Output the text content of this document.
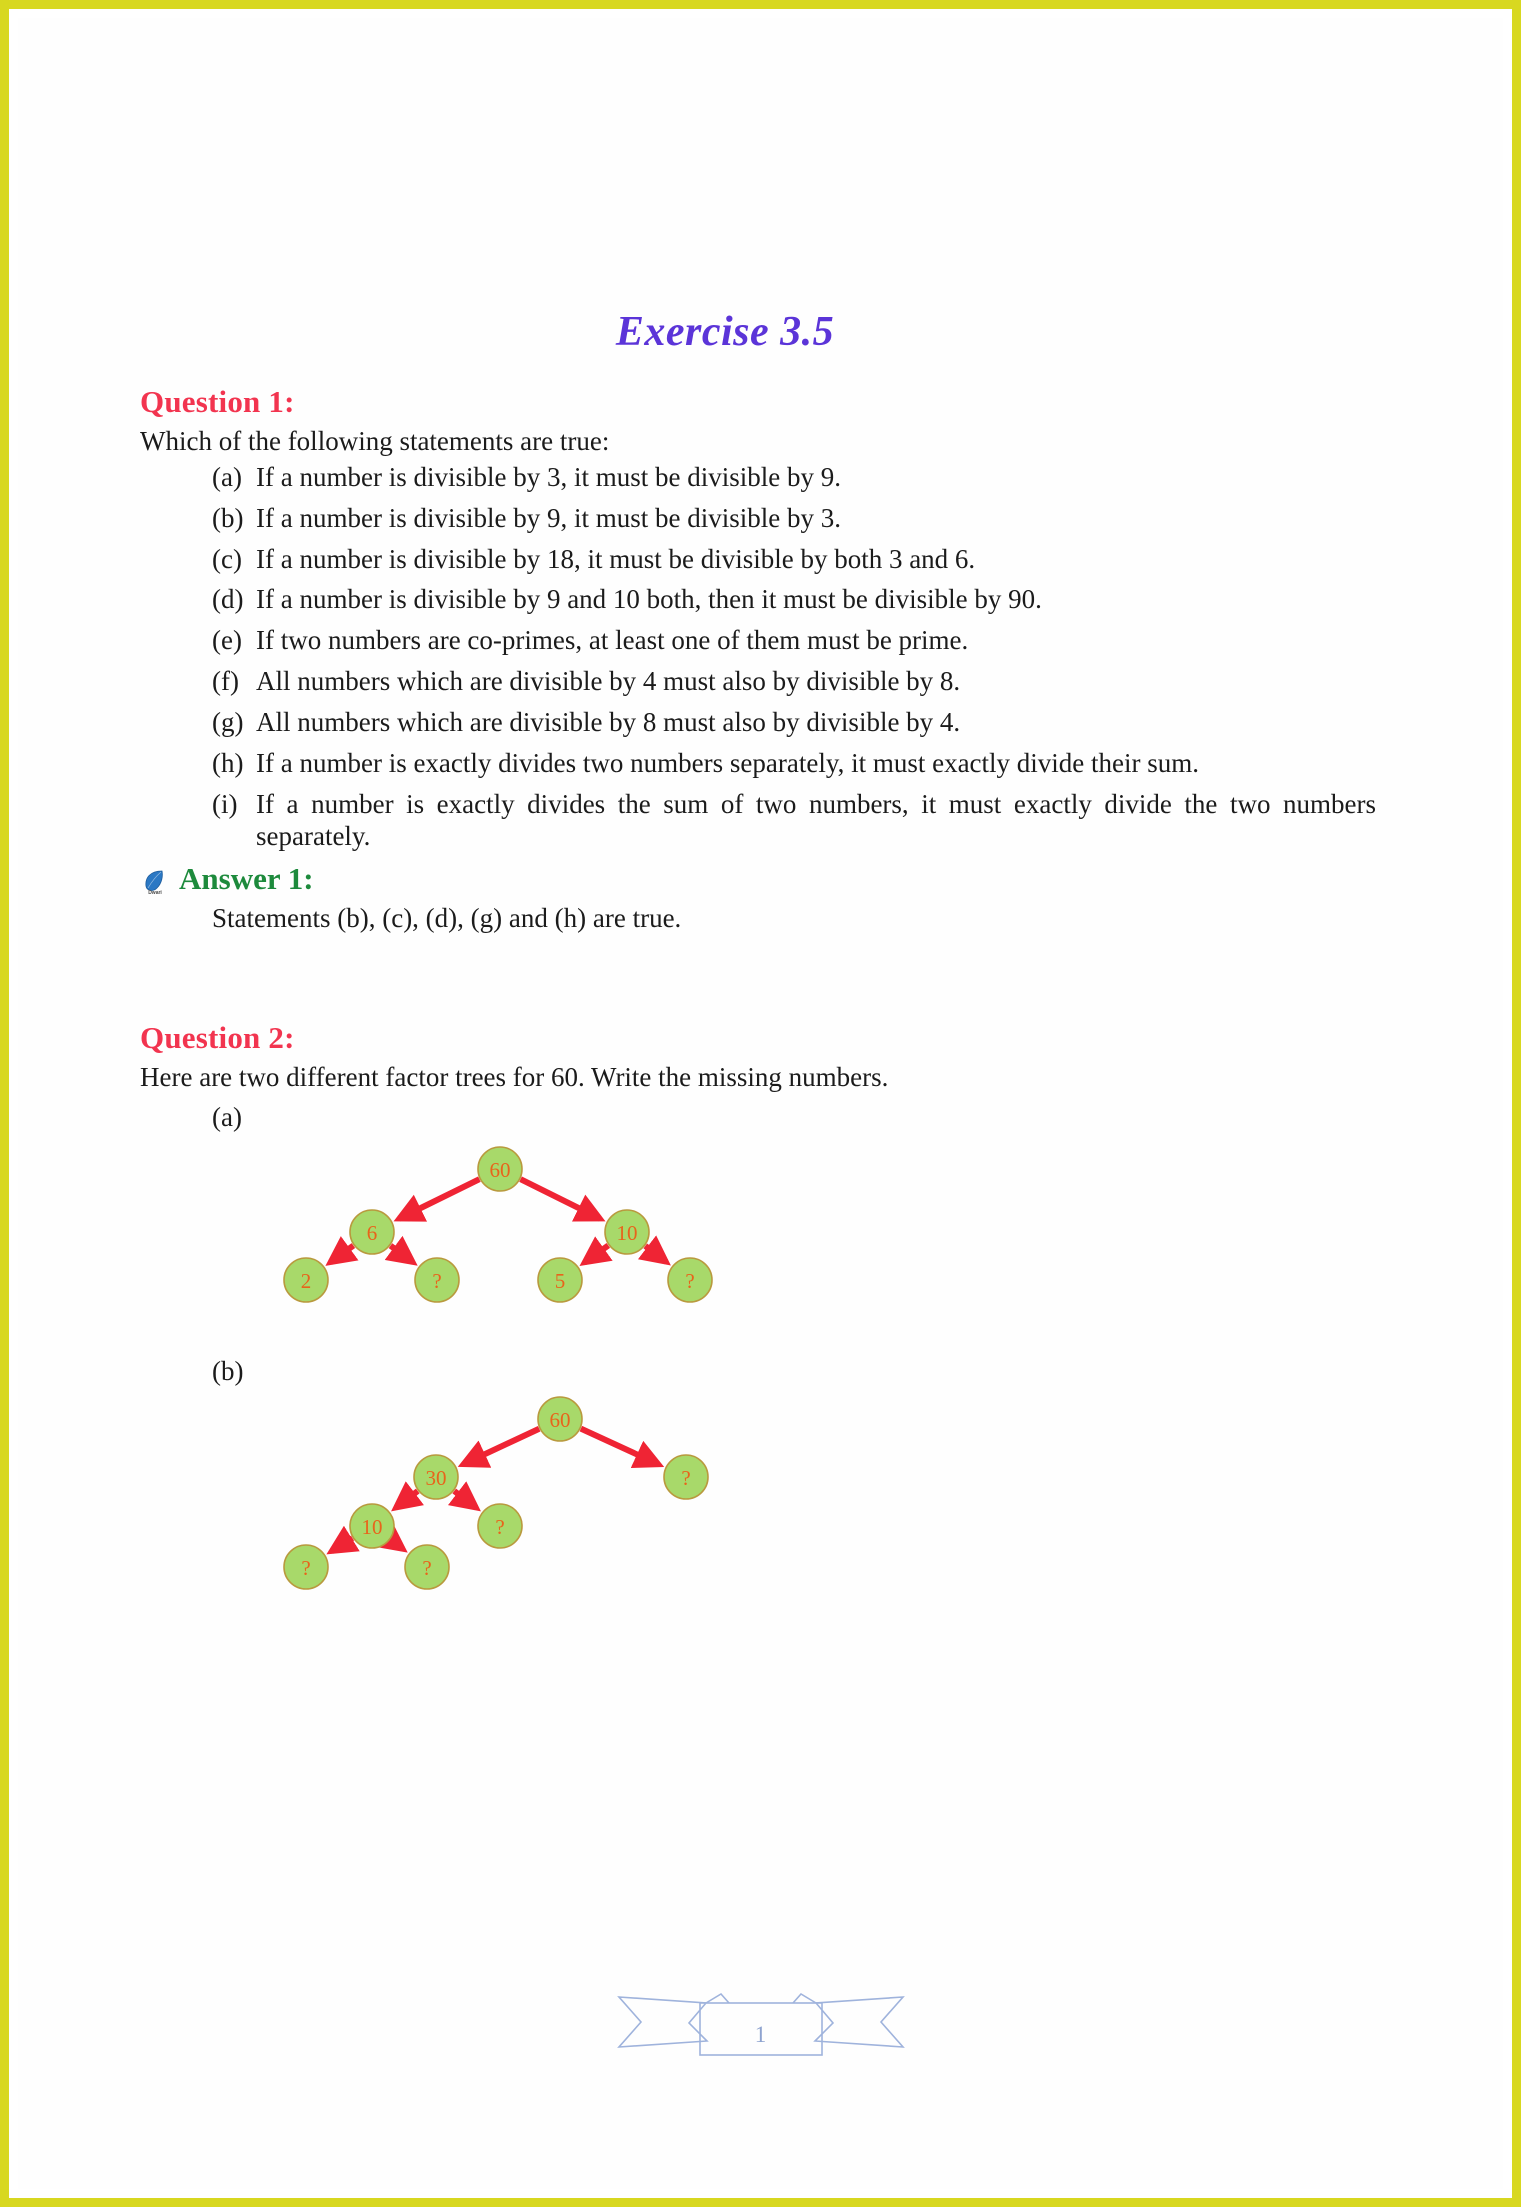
Exercise 3.5
Question 1:

Which of the following statements are true:

(a) If a number is divisible by 3, it must be divisible by 9.
(b) If a number is divisible by 9, it must be divisible by 3.
(c) If a number is divisible by 18, it must be divisible by both 3 and 6.
(d) If a number is divisible by 9 and 10 both, then it must be divisible by 90.
(e) If two numbers are co-primes, at least one of them must be prime.
(f) All numbers which are divisible by 4 must also by divisible by 8.
(g) All numbers which are divisible by 8 must also by divisible by 4.
(h) If a number is exactly divides two numbers separately, it must exactly divide their sum.
(i) If a number is exactly divides the sum of two numbers, it must exactly divide the two numbers separately.
Dwari Answer 1:

Statements (b), (c), (d), (g) and (h) are true.

Question 2:

Here are two different factor trees for 60. Write the missing numbers.

(a)

60
6	10
2	?	5	?

(b)

60
30	?
10	?
?	?
1
